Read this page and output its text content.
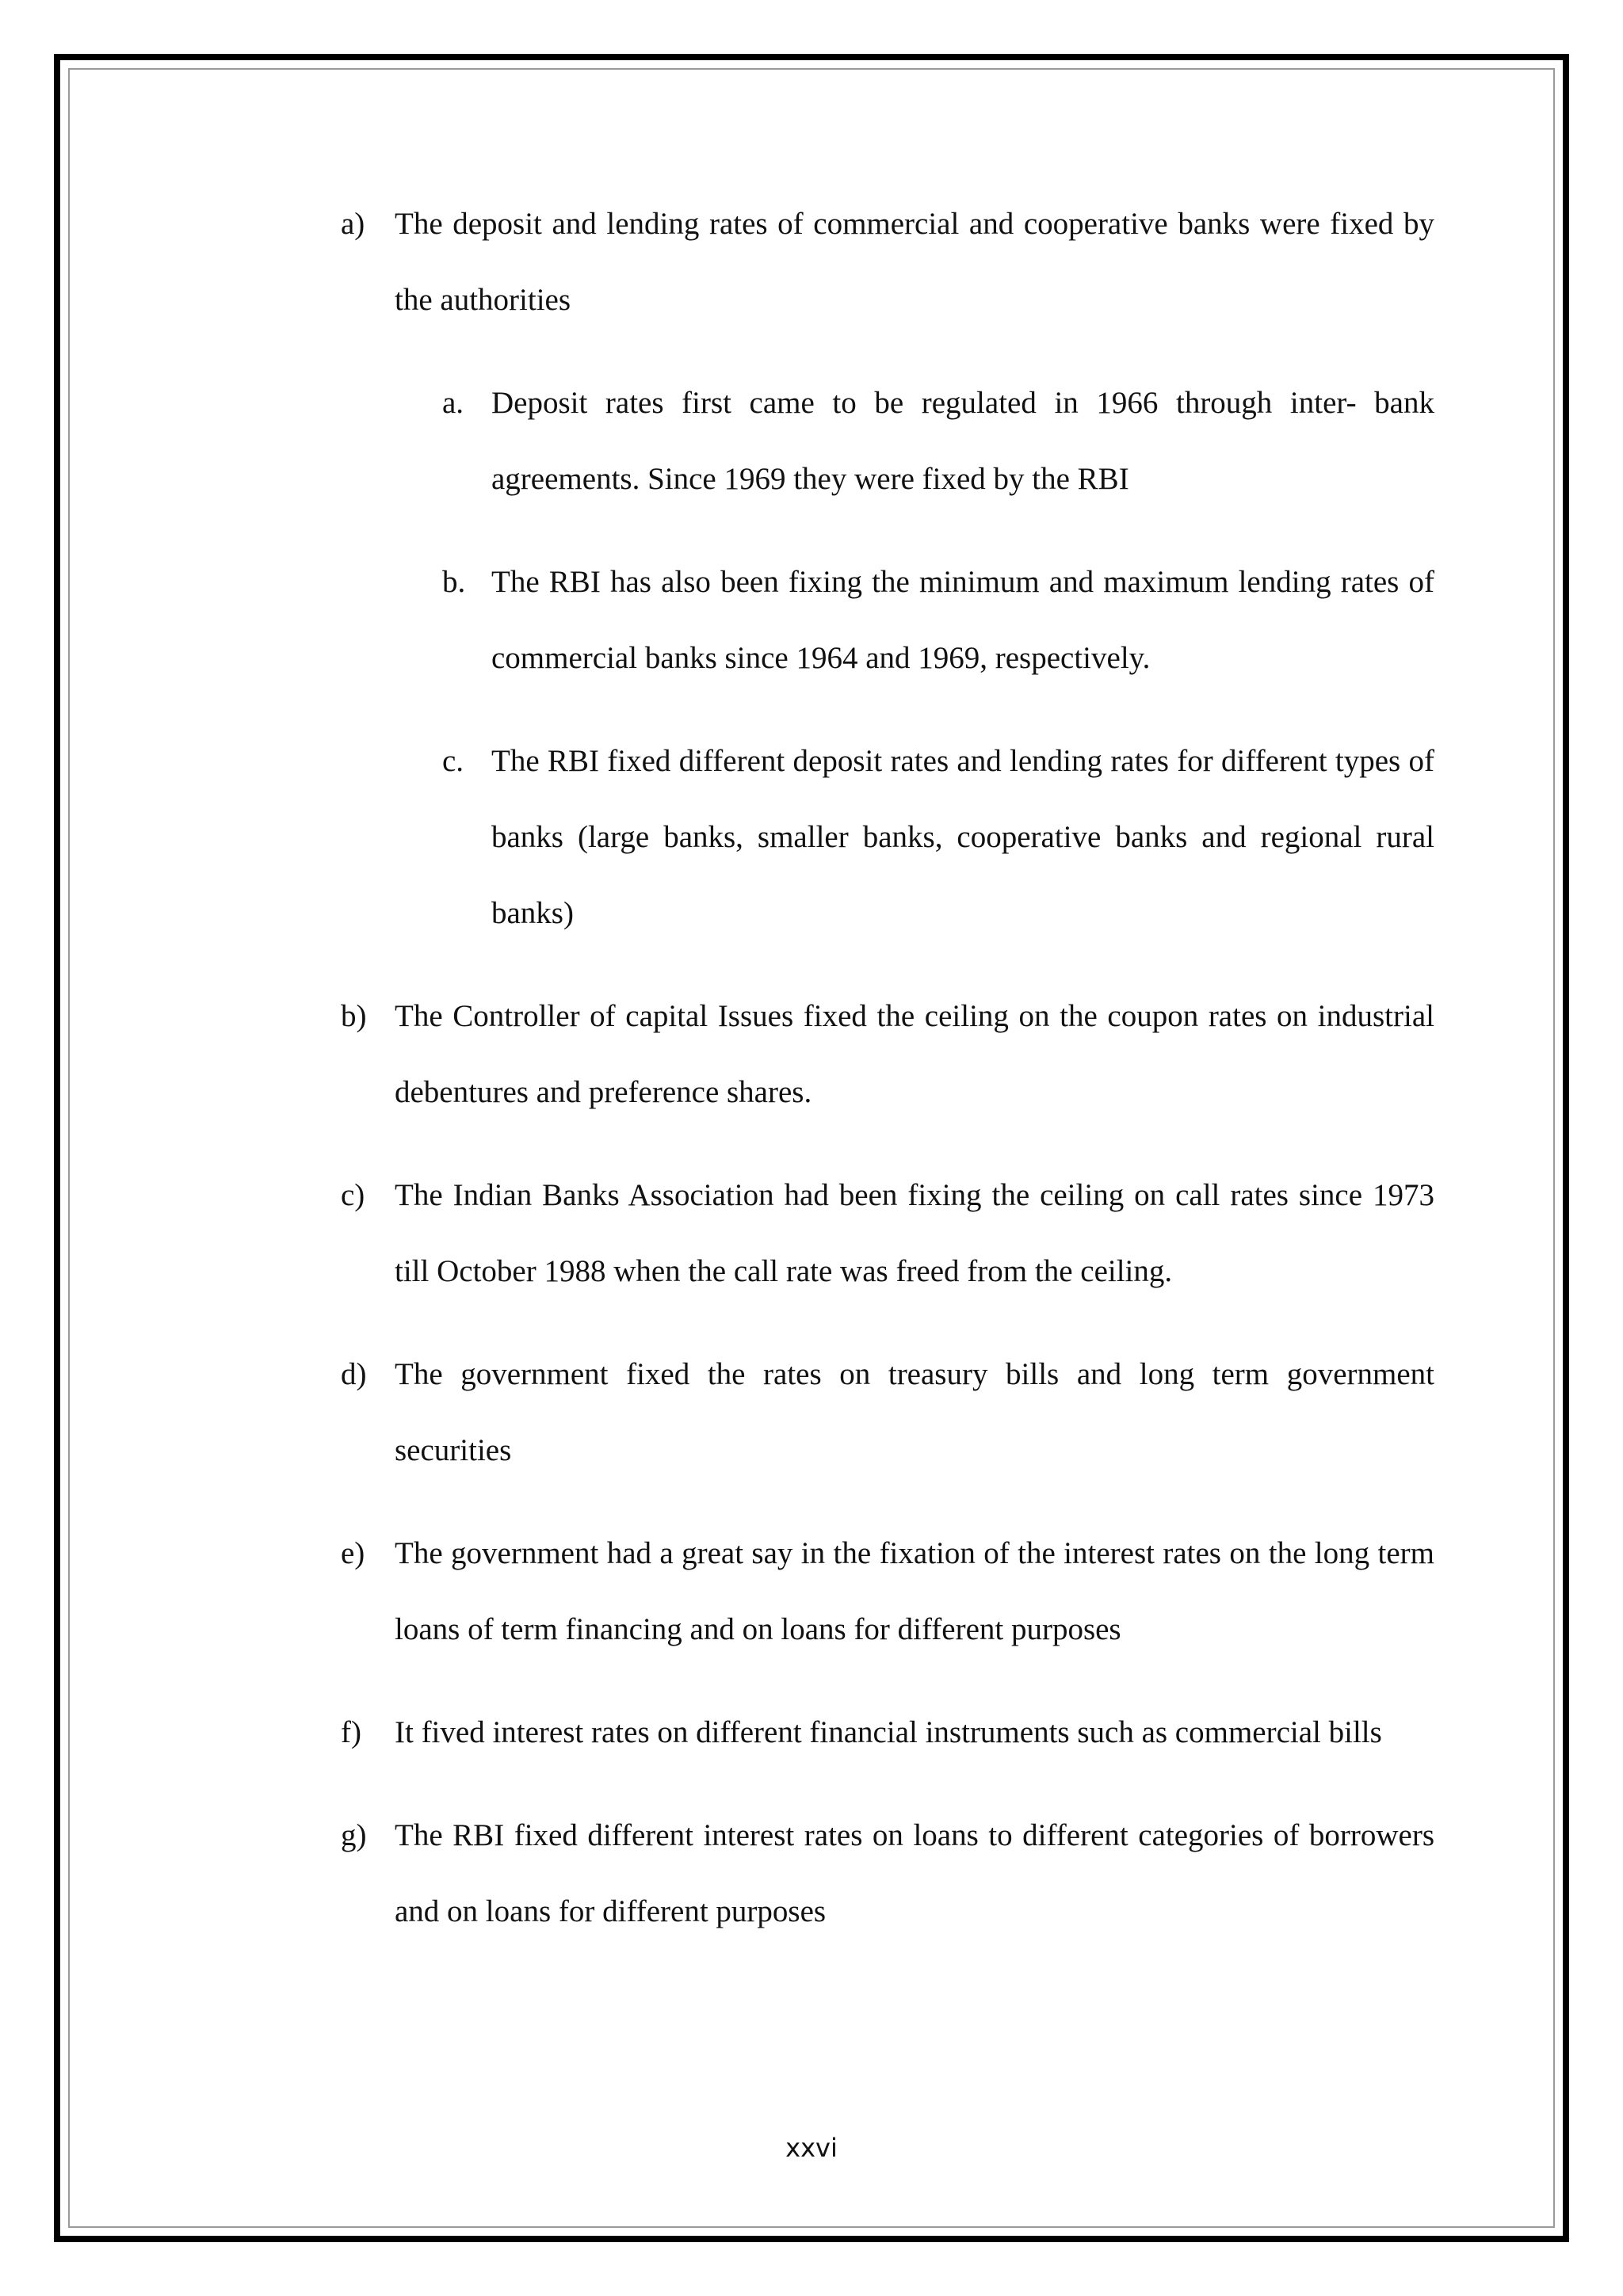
a) The deposit and lending rates of commercial and cooperative banks were fixed by the authorities
a. Deposit rates first came to be regulated in 1966 through inter- bank agreements. Since 1969 they were fixed by the RBI
b. The RBI has also been fixing the minimum and maximum lending rates of commercial banks since 1964 and 1969, respectively.
c. The RBI fixed different deposit rates and lending rates for different types of banks (large banks, smaller banks, cooperative banks and regional rural banks)
b) The Controller of capital Issues fixed the ceiling on the coupon rates on industrial debentures and preference shares.
c) The Indian Banks Association had been fixing the ceiling on call rates since 1973 till October 1988 when the call rate was freed from the ceiling.
d) The government fixed the rates on treasury bills and long term government securities
e) The government had a great say in the fixation of the interest rates on the long term loans of term financing and on loans for different purposes
f) It fived interest rates on different financial instruments such as commercial bills
g) The RBI fixed different interest rates on loans to different categories of borrowers and on loans for different purposes
xxvi
